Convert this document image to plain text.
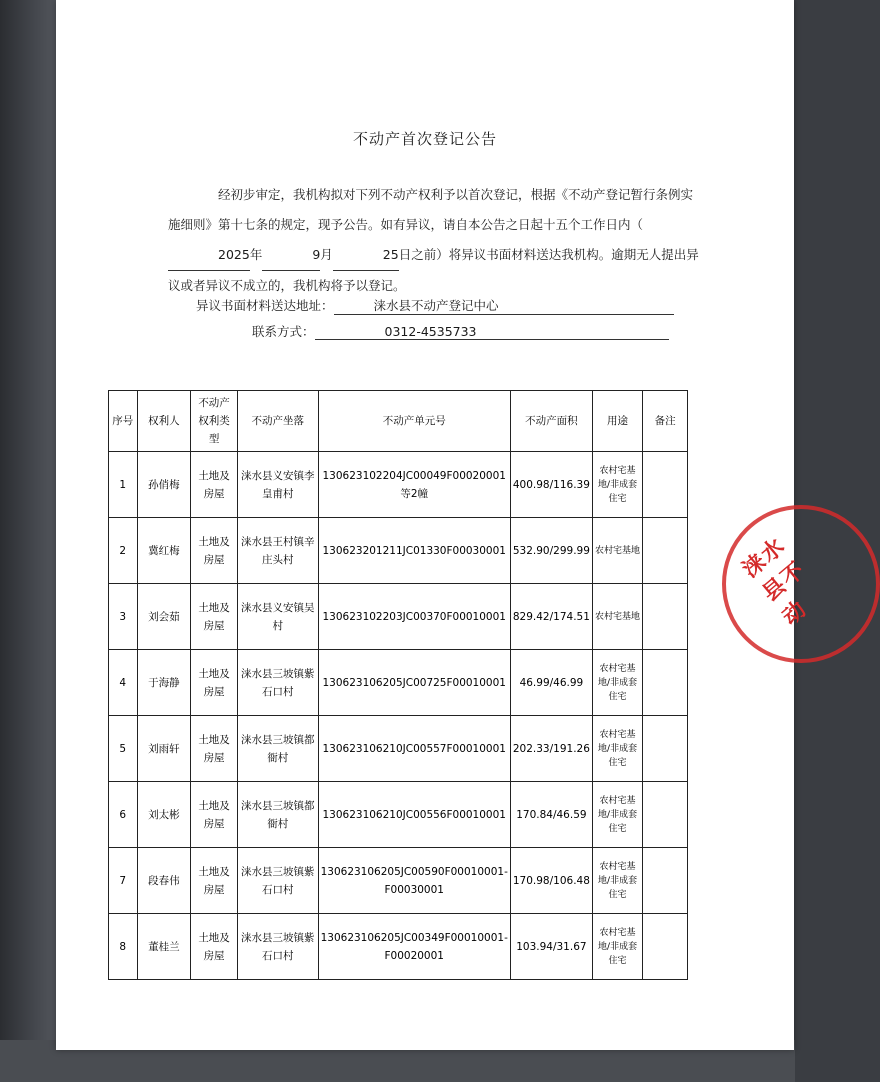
不动产首次登记公告

经初步审定，我机构拟对下列不动产权利予以首次登记，根据《不动产登记暂行条例实施细则》第十七条的规定，现予公告。如有异议，请自本公告之日起十五个工作日内（2025年	9月	25日之前）将异议书面材料送达我机构。逾期无人提出异议或者异议不成立的，我机构将予以登记。

异议书面材料送达地址：	涞水县不动产登记中心
联系方式：	0312-4535733
序号	权利人	不动产权利类型	不动产坐落	不动产单元号	不动产面积	用途	备注
1	孙俏梅	土地及房屋	涞水县义安镇李皇甫村	130623102204JC00049F00020001 等2幢	400.98/116.39	农村宅基地/非成套住宅	
2	冀红梅	土地及房屋	涞水县王村镇辛庄头村	130623201211JC01330F00030001	532.90/299.99	农村宅基地	
3	刘会茹	土地及房屋	涞水县义安镇吴村	130623102203JC00370F00010001	829.42/174.51	农村宅基地	
4	于海静	土地及房屋	涞水县三坡镇紫石口村	130623106205JC00725F00010001	46.99/46.99	农村宅基地/非成套住宅	
5	刘雨轩	土地及房屋	涞水县三坡镇都衙村	130623106210JC00557F00010001	202.33/191.26	农村宅基地/非成套住宅	
6	刘太彬	土地及房屋	涞水县三坡镇都衙村	130623106210JC00556F00010001	170.84/46.59	农村宅基地/非成套住宅	
7	段春伟	土地及房屋	涞水县三坡镇紫石口村	130623106205JC00590F00010001-F00030001	170.98/106.48	农村宅基地/非成套住宅	
8	董桂兰	土地及房屋	涞水县三坡镇紫石口村	130623106205JC00349F00010001-F00020001	103.94/31.67	农村宅基地/非成套住宅	
涞水县不动
